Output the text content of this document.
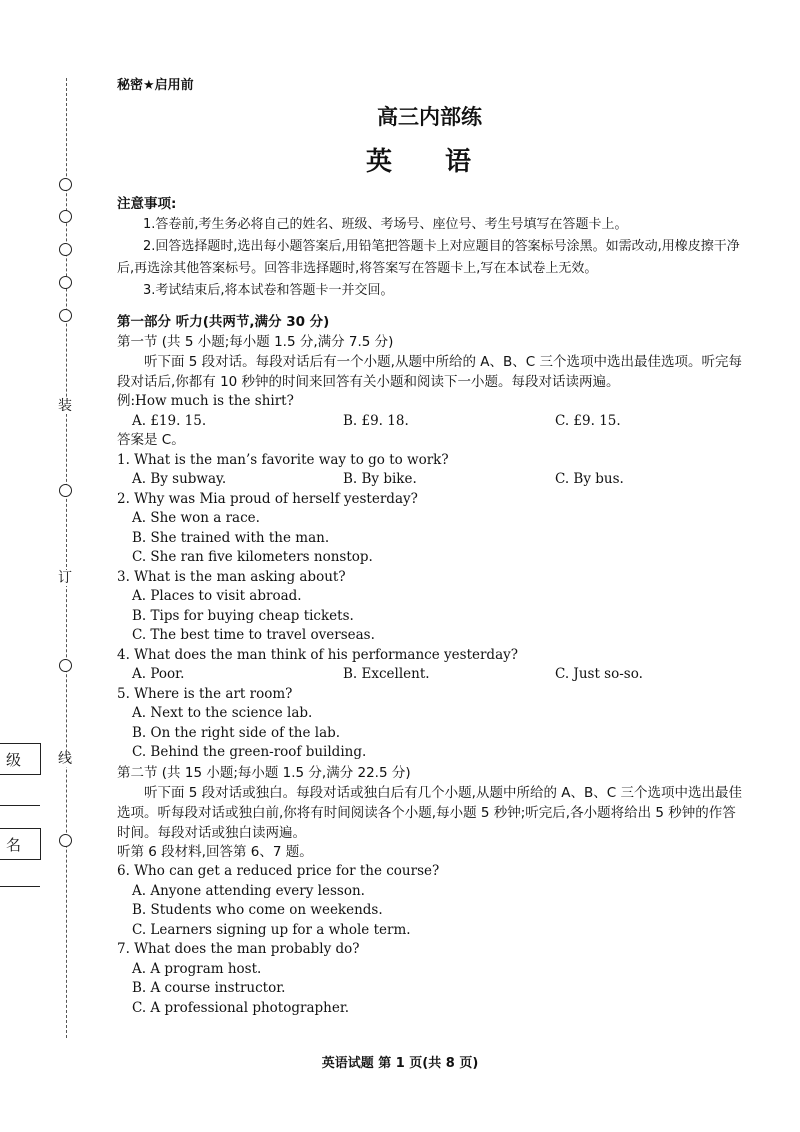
装
订
线
级
名
秘密★启用前
高三内部练
英 语
注意事项:
1.答卷前,考生务必将自己的姓名、班级、考场号、座位号、考生号填写在答题卡上。
2.回答选择题时,选出每小题答案后,用铅笔把答题卡上对应题目的答案标号涂黑。如需改动,用橡皮擦干净后,再选涂其他答案标号。回答非选择题时,将答案写在答题卡上,写在本试卷上无效。
3.考试结束后,将本试卷和答题卡一并交回。
第一部分 听力(共两节,满分 30 分)
第一节 (共 5 小题;每小题 1.5 分,满分 7.5 分)
听下面 5 段对话。每段对话后有一个小题,从题中所给的 A、B、C 三个选项中选出最佳选项。听完每段对话后,你都有 10 秒钟的时间来回答有关小题和阅读下一小题。每段对话读两遍。
例:How much is the shirt?
A. £19. 15.	B. £9. 18.	C. £9. 15.
答案是 C。
1. What is the man’s favorite way to go to work?
A. By subway.	B. By bike.	C. By bus.
2. Why was Mia proud of herself yesterday?
A. She won a race.
B. She trained with the man.
C. She ran five kilometers nonstop.
3. What is the man asking about?
A. Places to visit abroad.
B. Tips for buying cheap tickets.
C. The best time to travel overseas.
4. What does the man think of his performance yesterday?
A. Poor.	B. Excellent.	C. Just so-so.
5. Where is the art room?
A. Next to the science lab.
B. On the right side of the lab.
C. Behind the green-roof building.
第二节 (共 15 小题;每小题 1.5 分,满分 22.5 分)
听下面 5 段对话或独白。每段对话或独白后有几个小题,从题中所给的 A、B、C 三个选项中选出最佳选项。听每段对话或独白前,你将有时间阅读各个小题,每小题 5 秒钟;听完后,各小题将给出 5 秒钟的作答时间。每段对话或独白读两遍。
听第 6 段材料,回答第 6、7 题。
6. Who can get a reduced price for the course?
A. Anyone attending every lesson.
B. Students who come on weekends.
C. Learners signing up for a whole term.
7. What does the man probably do?
A. A program host.
B. A course instructor.
C. A professional photographer.
英语试题 第 1 页(共 8 页)
